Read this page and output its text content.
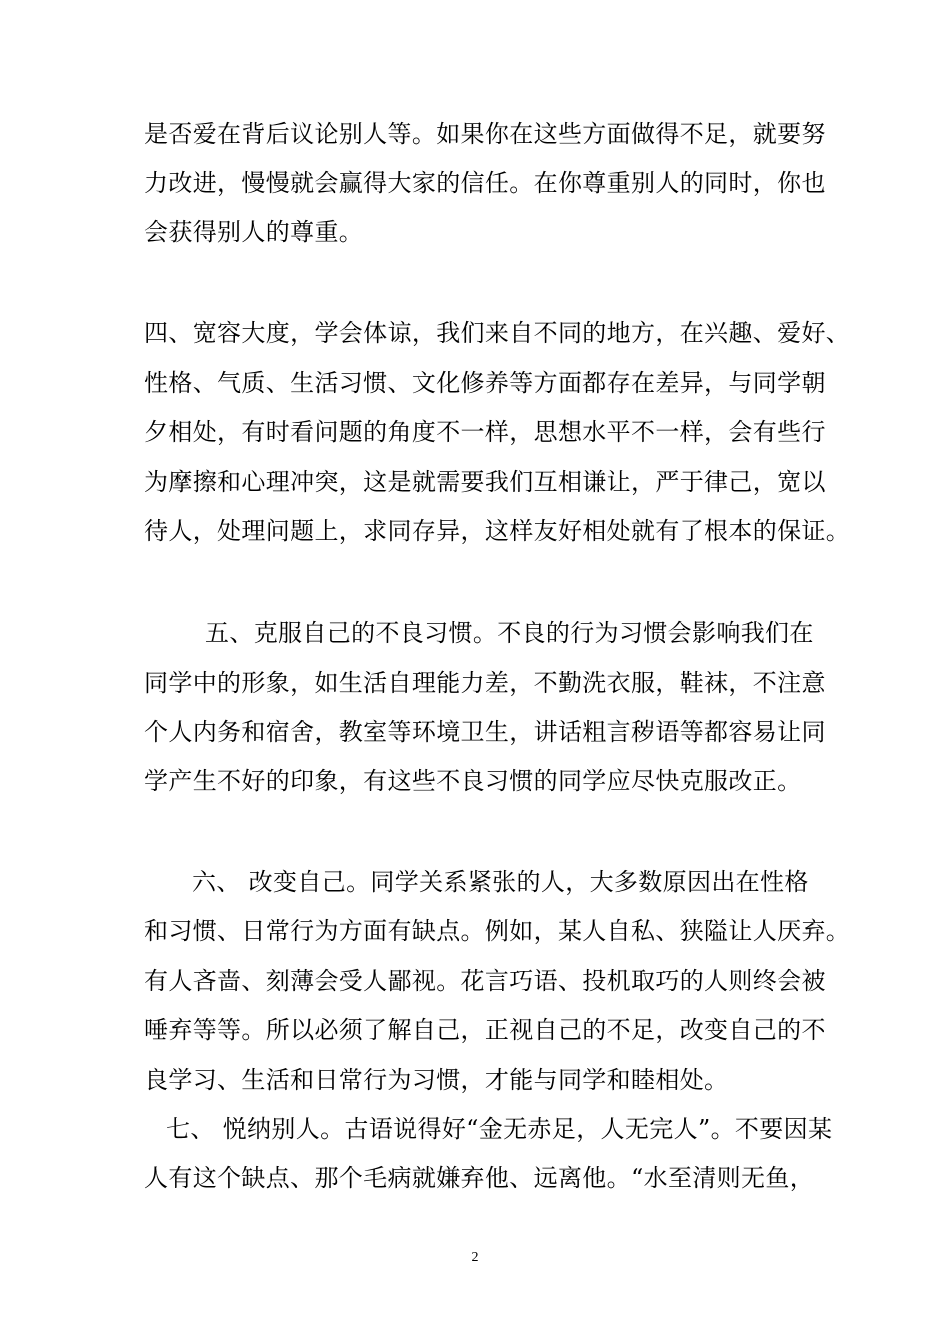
是否爱在背后议论别人等。如果你在这些方面做得不足，就要努
力改进，慢慢就会赢得大家的信任。在你尊重别人的同时，你也
会获得别人的尊重。
四、宽容大度，学会体谅，我们来自不同的地方，在兴趣、爱好、
性格、气质、生活习惯、文化修养等方面都存在差异，与同学朝
夕相处，有时看问题的角度不一样，思想水平不一样，会有些行
为摩擦和心理冲突，这是就需要我们互相谦让，严于律己，宽以
待人，处理问题上，求同存异，这样友好相处就有了根本的保证。
五、克服自己的不良习惯。不良的行为习惯会影响我们在
同学中的形象，如生活自理能力差，不勤洗衣服，鞋袜，不注意
个人内务和宿舍，教室等环境卫生，讲话粗言秽语等都容易让同
学产生不好的印象，有这些不良习惯的同学应尽快克服改正。
六、 改变自己。同学关系紧张的人，大多数原因出在性格
和习惯、日常行为方面有缺点。例如，某人自私、狭隘让人厌弃。
有人吝啬、刻薄会受人鄙视。花言巧语、投机取巧的人则终会被
唾弃等等。所以必须了解自己，正视自己的不足，改变自己的不
良学习、生活和日常行为习惯，才能与同学和睦相处。
七、 悦纳别人。古语说得好“金无赤足，人无完人”。不要因某
人有这个缺点、那个毛病就嫌弃他、远离他。“水至清则无鱼，
2
